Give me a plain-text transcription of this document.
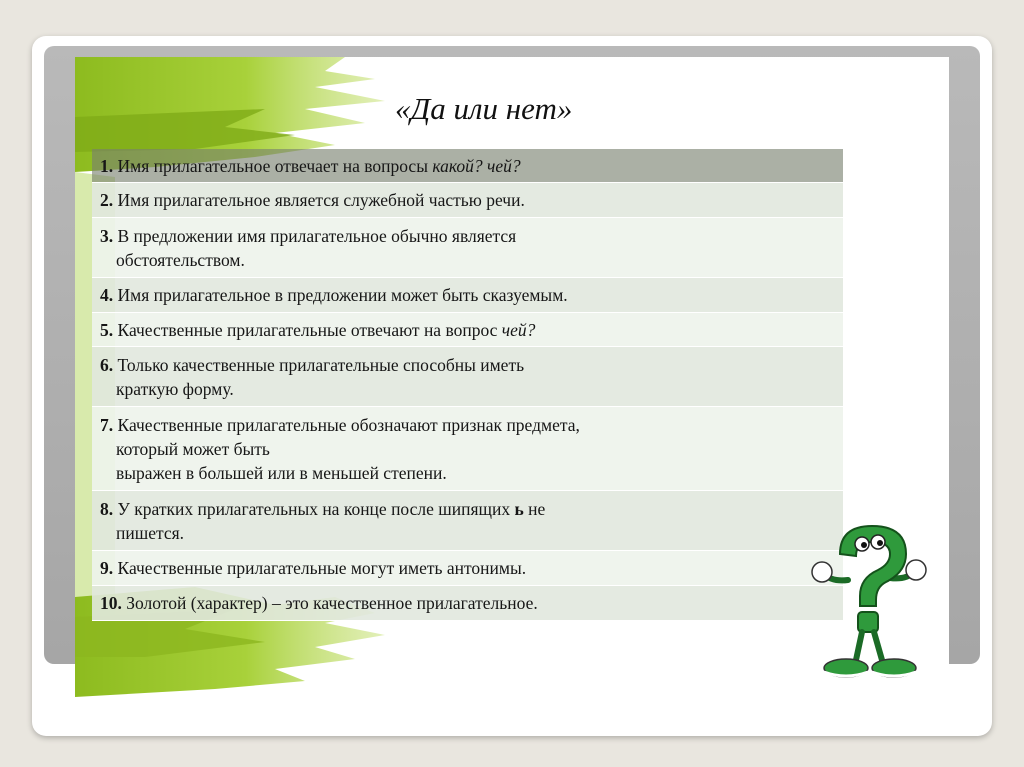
«Да или нет»
1. Имя прилагательное отвечает на вопросы какой? чей?
2. Имя прилагательное является служебной частью речи.
3. В предложении имя прилагательное обычно является
обстоятельством.
4. Имя прилагательное в предложении может быть сказуемым.
5. Качественные прилагательные отвечают на вопрос чей?
6. Только качественные прилагательные способны иметь
краткую форму.
7. Качественные прилагательные обозначают признак предмета,
который может быть
выражен в большей или в меньшей степени.
8. У кратких прилагательных на конце после шипящих ь не
пишется.
9. Качественные прилагательные могут иметь антонимы.
10. Золотой (характер) – это качественное прилагательное.
